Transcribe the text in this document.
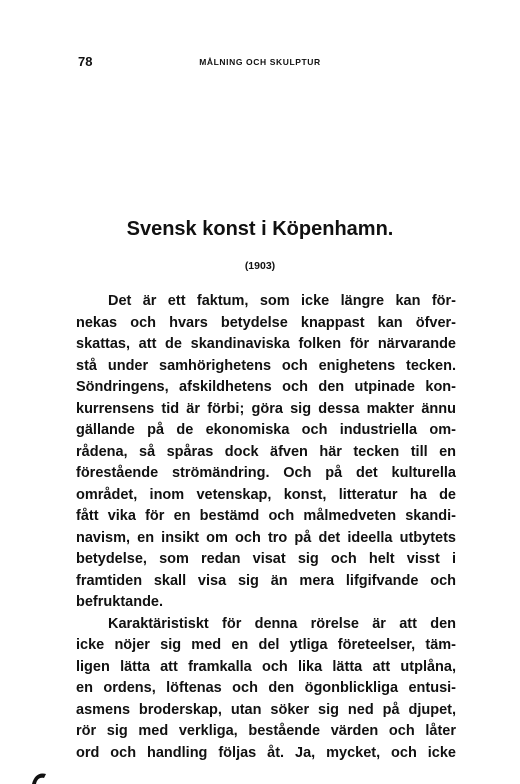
78	MÅLNING OCH SKULPTUR
Svensk konst i Köpenhamn.
(1903)
Det är ett faktum, som icke längre kan för-
nekas och hvars betydelse knappast kan öfver-
skattas, att de skandinaviska folken för närvarande
stå under samhörighetens och enighetens tecken.
Söndringens, afskildhetens och den utpinade kon-
kurrensens tid är förbi; göra sig dessa makter ännu
gällande på de ekonomiska och industriella om-
rådena, så spåras dock äfven här tecken till en
förestående strömändring. Och på det kulturella
området, inom vetenskap, konst, litteratur ha de
fått vika för en bestämd och målmedveten skandi-
navism, en insikt om och tro på det ideella utbytets
betydelse, som redan visat sig och helt visst i
framtiden skall visa sig än mera lifgifvande och
befruktande.
Karaktäristiskt för denna rörelse är att den
icke nöjer sig med en del ytliga företeelser, täm-
ligen lätta att framkalla och lika lätta att utplåna,
en ordens, löftenas och den ögonblickliga entusi-
asmens broderskap, utan söker sig ned på djupet,
rör sig med verkliga, bestående värden och låter
ord och handling följas åt. Ja, mycket, och icke
